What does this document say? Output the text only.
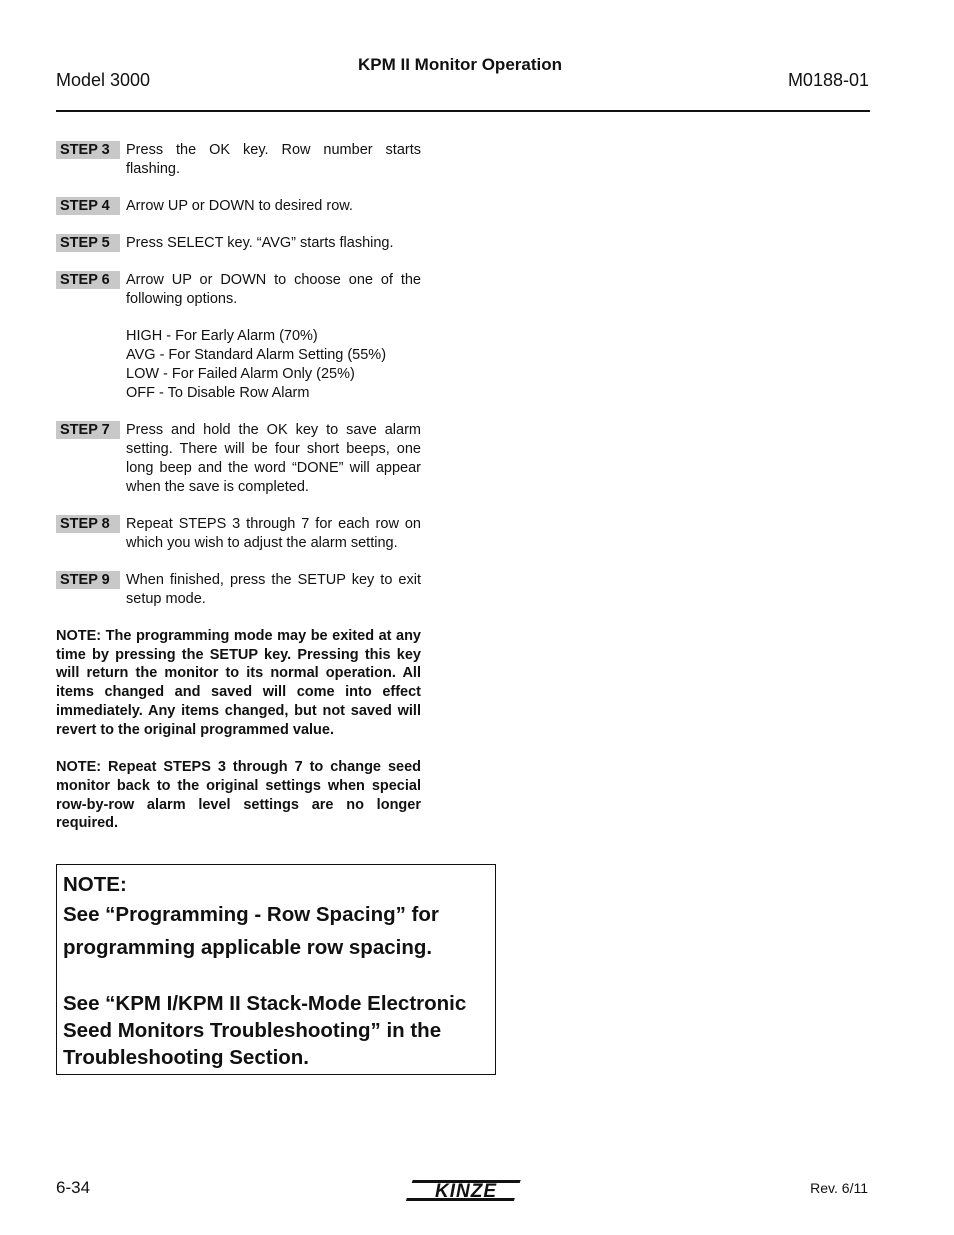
Model 3000
KPM II Monitor Operation
M0188-01
STEP 3	Press the OK key. Row number starts flashing.
STEP 4	Arrow UP or DOWN to desired row.
STEP 5	Press SELECT key. “AVG” starts flashing.
STEP 6	Arrow UP or DOWN to choose one of the following options.
HIGH - For Early Alarm (70%)
AVG - For Standard Alarm Setting (55%)
LOW - For Failed Alarm Only (25%)
OFF - To Disable Row Alarm
STEP 7	Press and hold the OK key to save alarm setting. There will be four short beeps, one long beep and the word “DONE” will appear when the save is completed.
STEP 8	Repeat STEPS 3 through 7 for each row on which you wish to adjust the alarm setting.
STEP 9	When finished, press the SETUP key to exit setup mode.

NOTE: The programming mode may be exited at any time by pressing the SETUP key. Pressing this key will return the monitor to its normal operation. All items changed and saved will come into effect immediately. Any items changed, but not saved will revert to the original programmed value.

NOTE: Repeat STEPS 3 through 7 to change seed monitor back to the original settings when special row-by-row alarm level settings are no longer required.

NOTE:
See “Programming - Row Spacing” for
programming applicable row spacing.
See “KPM I/KPM II Stack-Mode Electronic
Seed Monitors Troubleshooting” in the
Troubleshooting Section.
6-34	KINZE	Rev. 6/11
